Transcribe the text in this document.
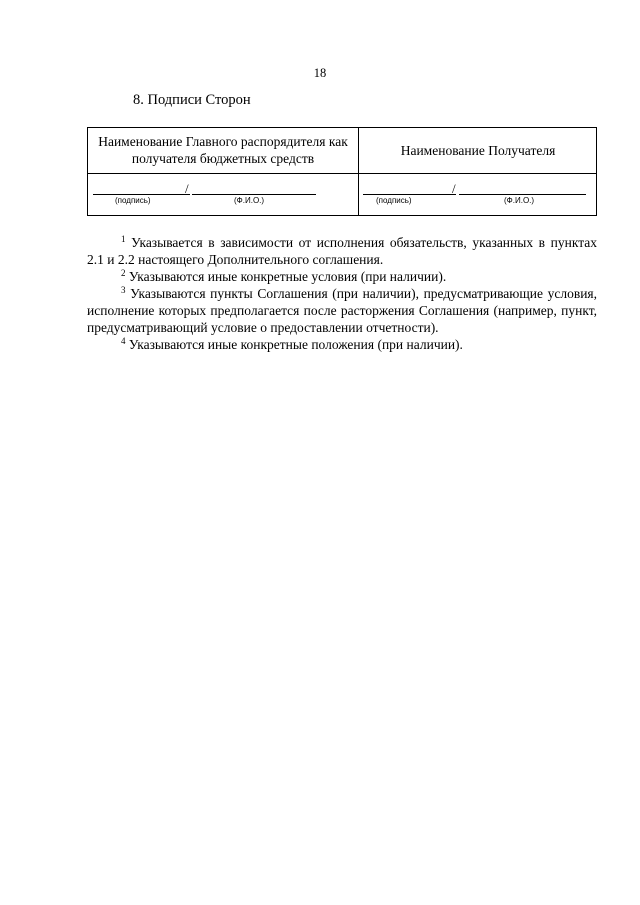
18
8. Подписи Сторон
Наименование Главного распорядителя как получателя бюджетных средств
Наименование Получателя
/
(подпись)	(Ф.И.О.)
/
(подпись)	(Ф.И.О.)

$^1$ Указывается в зависимости от исполнения обязательств, указанных в пунктах 2.1 и 2.2 настоящего Дополнительного соглашения.

$^2$ Указываются иные конкретные условия (при наличии).

$^3$ Указываются пункты Соглашения (при наличии), предусматривающие условия, исполнение которых предполагается после расторжения Соглашения (например, пункт, предусматривающий условие о предоставлении отчетности).

$^4$ Указываются иные конкретные положения (при наличии).
